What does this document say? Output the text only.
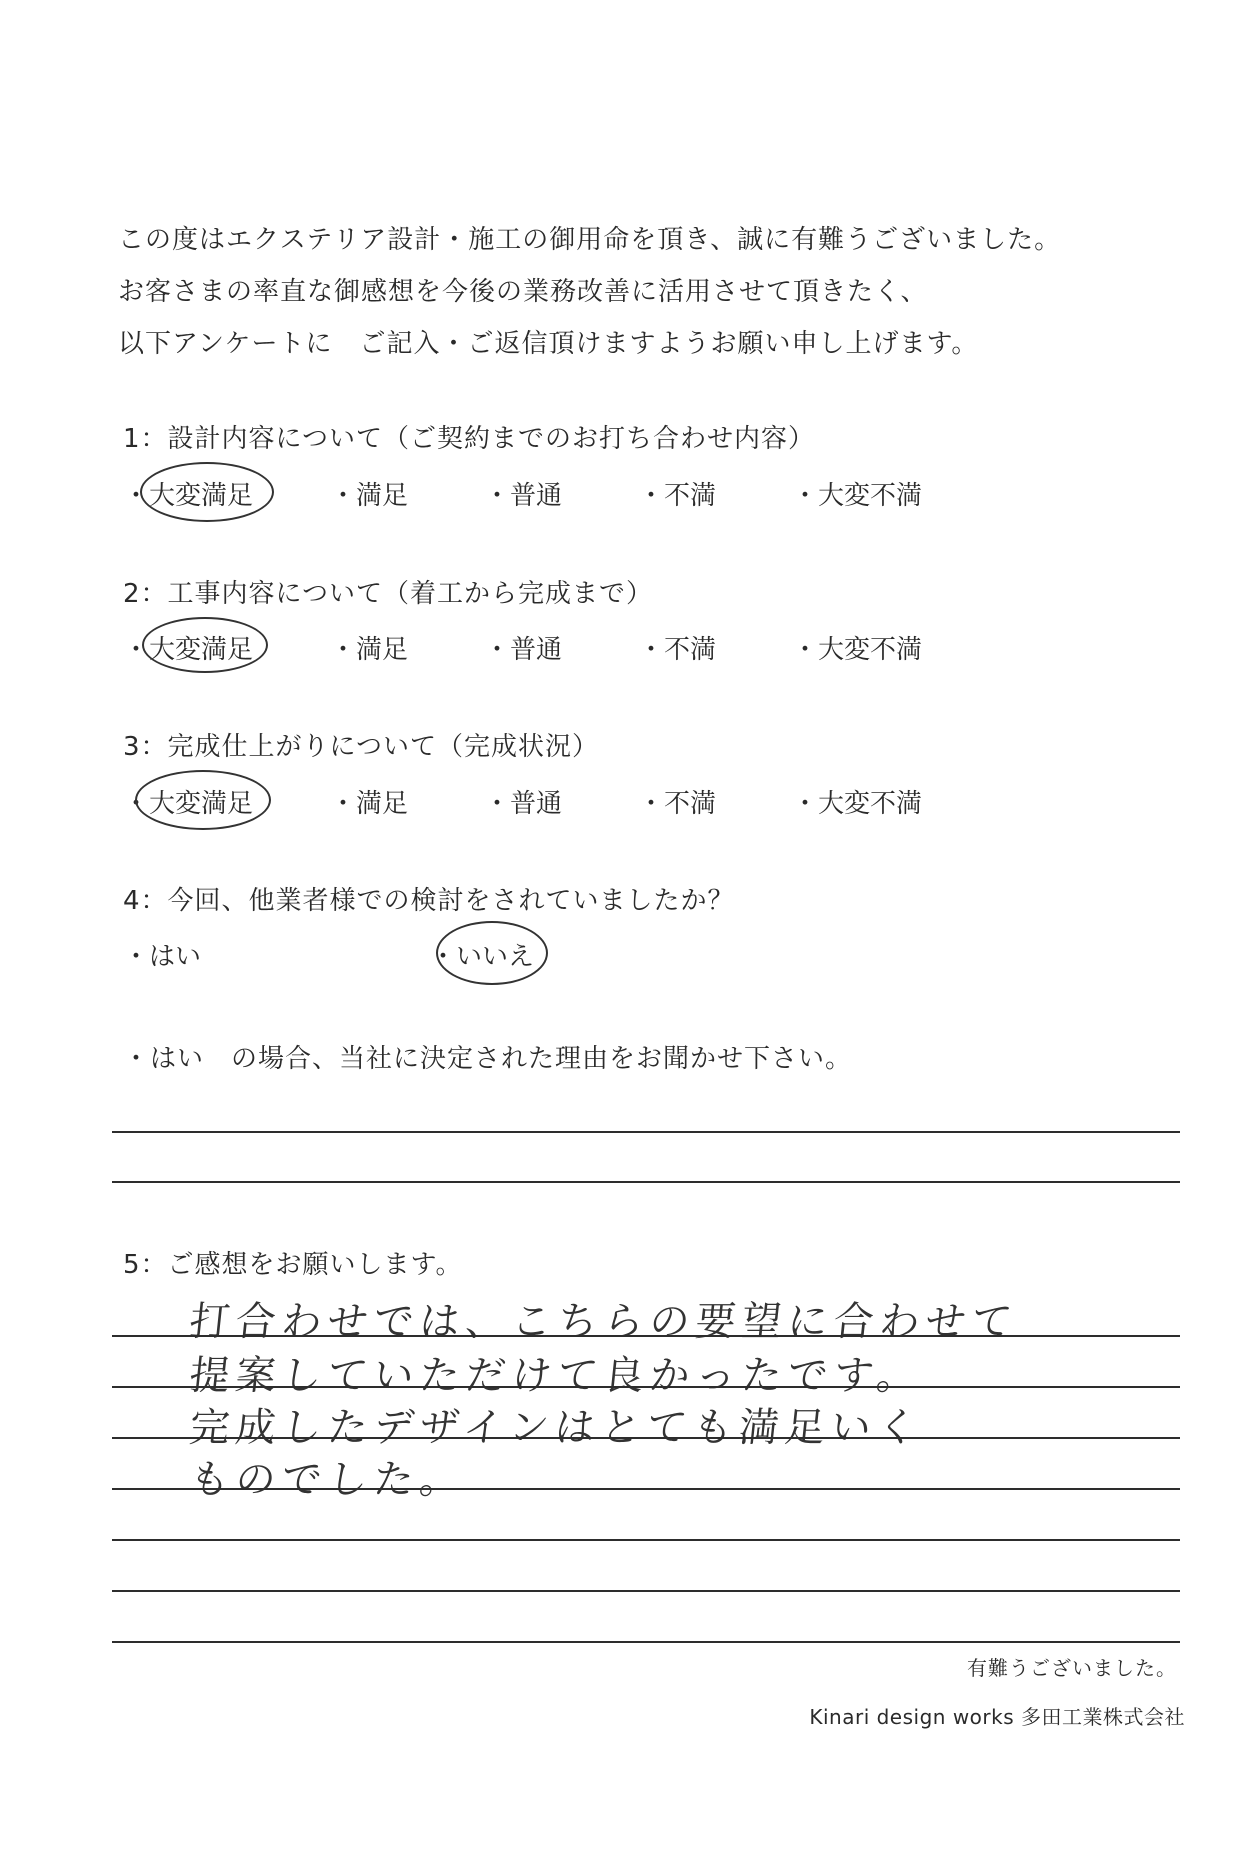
この度はエクステリア設計・施工の御用命を頂き、誠に有難うございました。
お客さまの率直な御感想を今後の業務改善に活用させて頂きたく、
以下アンケートに　ご記入・ご返信頂けますようお願い申し上げます。
1：設計内容について（ご契約までのお打ち合わせ内容）
・大変満足	・満足	・普通	・不満	・大変不満
2：工事内容について（着工から完成まで）
・大変満足	・満足	・普通	・不満	・大変不満
3：完成仕上がりについて（完成状況）
・大変満足	・満足	・普通	・不満	・大変不満
4：今回、他業者様での検討をされていましたか？
・はい	・いいえ
・はい　の場合、当社に決定された理由をお聞かせ下さい。
5：ご感想をお願いします。
打合わせでは、こちらの要望に合わせて
提案していただけて良かったです。
完成したデザインはとても満足いく
ものでした。
有難うございました。
Kinari design works 多田工業株式会社
